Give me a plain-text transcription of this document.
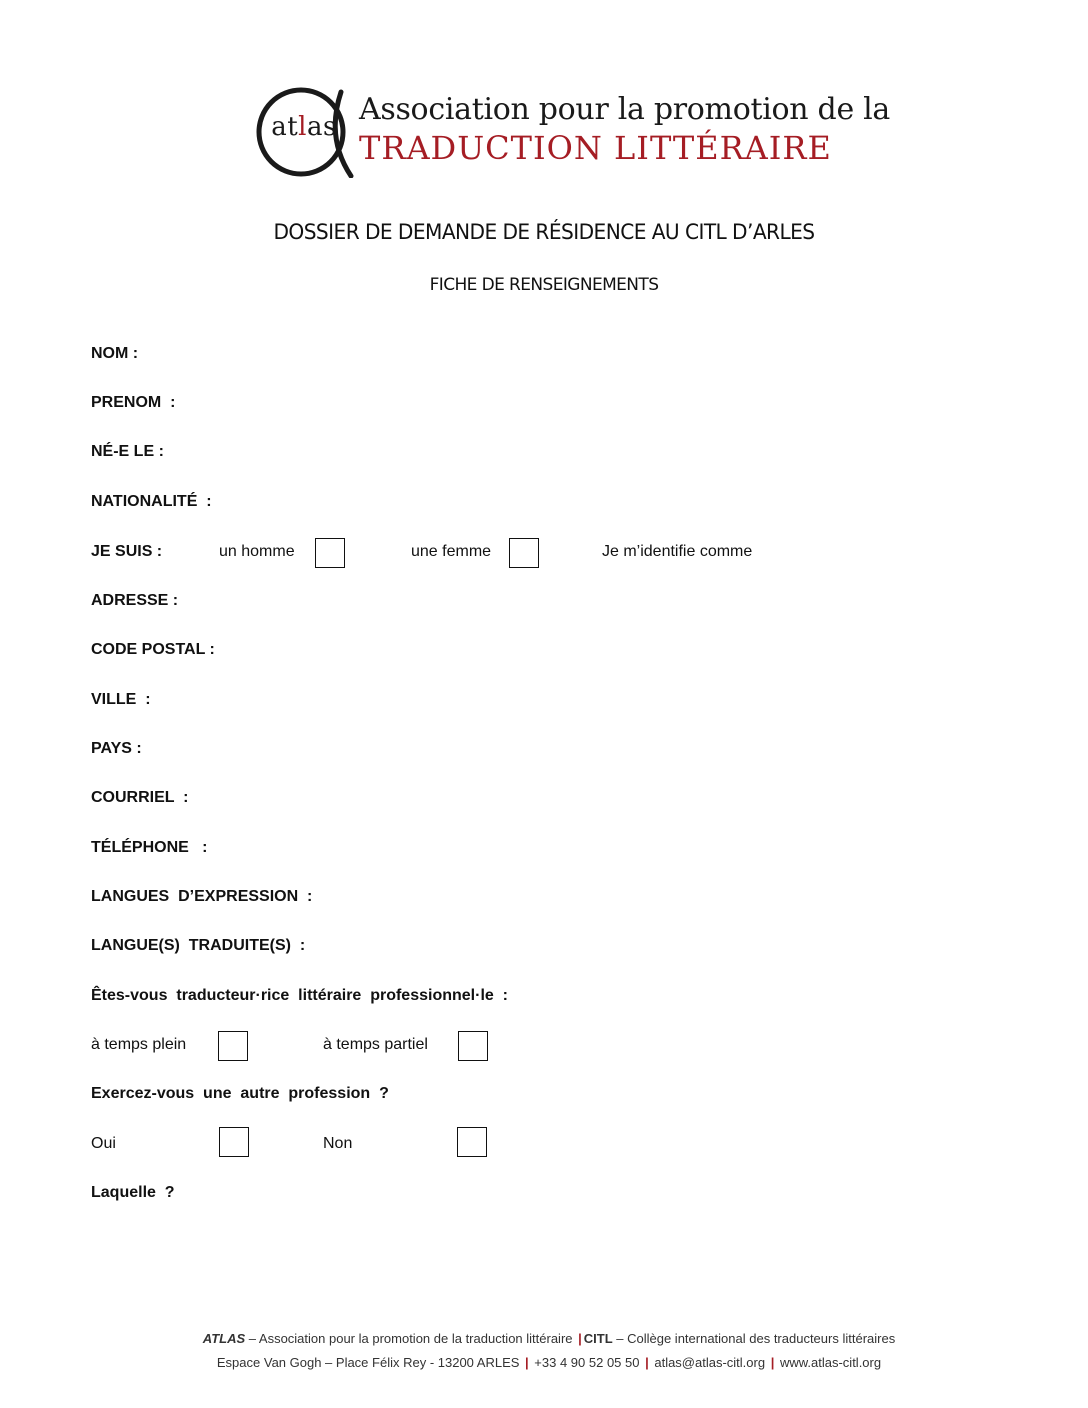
atlas Association pour la promotion de la
TRADUCTION LITTÉRAIRE
DOSSIER DE DEMANDE DE RÉSIDENCE AU CITL D’ARLES
FICHE DE RENSEIGNEMENTS
NOM :
PRENOM  :
NÉ-E LE :
NATIONALITÉ  :
JE SUIS :	un homme	une femme	Je m’identifie comme
ADRESSE :
CODE POSTAL :
VILLE  :
PAYS :
COURRIEL  :
TÉLÉPHONE   :
LANGUES  D’EXPRESSION  :
LANGUE(S)  TRADUITE(S)  :
Êtes-vous  traducteur·rice  littéraire  professionnel·le  :
à temps plein	à temps partiel
Exercez-vous  une  autre  profession  ?
Oui	Non
Laquelle  ?
ATLAS – Association pour la promotion de la traduction littéraire | CITL – Collège international des traducteurs littéraires
Espace Van Gogh – Place Félix Rey - 13200 ARLES | +33 4 90 52 05 50 | atlas@atlas-citl.org | www.atlas-citl.org
